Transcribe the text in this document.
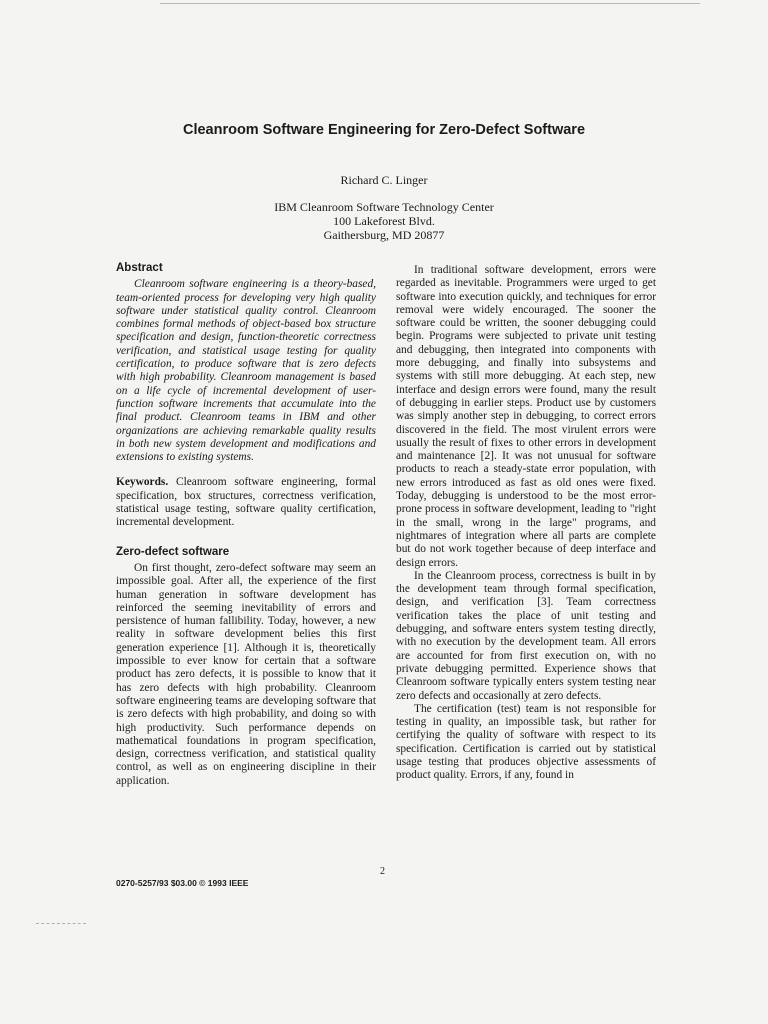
Cleanroom Software Engineering for Zero-Defect Software
Richard C. Linger
IBM Cleanroom Software Technology Center
100 Lakeforest Blvd.
Gaithersburg, MD 20877
Abstract

Cleanroom software engineering is a theory-based, team-oriented process for developing very high quality software under statistical quality control. Cleanroom combines formal methods of object-based box structure specification and design, function-theoretic correctness verification, and statistical usage testing for quality certification, to produce software that is zero defects with high probability. Cleanroom management is based on a life cycle of incremental development of user-function software increments that accumulate into the final product. Cleanroom teams in IBM and other organizations are achieving remarkable quality results in both new system development and modifications and extensions to existing systems.

Keywords. Cleanroom software engineering, formal specification, box structures, correctness verification, statistical usage testing, software quality certification, incremental development.

Zero-defect software

On first thought, zero-defect software may seem an impossible goal. After all, the experience of the first human generation in software development has reinforced the seeming inevitability of errors and persistence of human fallibility. Today, however, a new reality in software development belies this first generation experience [1]. Although it is, theoretically impossible to ever know for certain that a software product has zero defects, it is possible to know that it has zero defects with high probability. Cleanroom software engineering teams are developing software that is zero defects with high probability, and doing so with high productivity. Such performance depends on mathematical foundations in program specification, design, correctness verification, and statistical quality control, as well as on engineering discipline in their application.

In traditional software development, errors were regarded as inevitable. Programmers were urged to get software into execution quickly, and techniques for error removal were widely encouraged. The sooner the software could be written, the sooner debugging could begin. Programs were subjected to private unit testing and debugging, then integrated into components with more debugging, and finally into subsystems and systems with still more debugging. At each step, new interface and design errors were found, many the result of debugging in earlier steps. Product use by customers was simply another step in debugging, to correct errors discovered in the field. The most virulent errors were usually the result of fixes to other errors in development and maintenance [2]. It was not unusual for software products to reach a steady-state error population, with new errors introduced as fast as old ones were fixed. Today, debugging is understood to be the most error-prone process in software development, leading to "right in the small, wrong in the large" programs, and nightmares of integration where all parts are complete but do not work together because of deep interface and design errors.

In the Cleanroom process, correctness is built in by the development team through formal specification, design, and verification [3]. Team correctness verification takes the place of unit testing and debugging, and software enters system testing directly, with no execution by the development team. All errors are accounted for from first execution on, with no private debugging permitted. Experience shows that Cleanroom software typically enters system testing near zero defects and occasionally at zero defects.

The certification (test) team is not responsible for testing in quality, an impossible task, but rather for certifying the quality of software with respect to its specification. Certification is carried out by statistical usage testing that produces objective assessments of product quality. Errors, if any, found in

2
0270-5257/93 $03.00 © 1993 IEEE
